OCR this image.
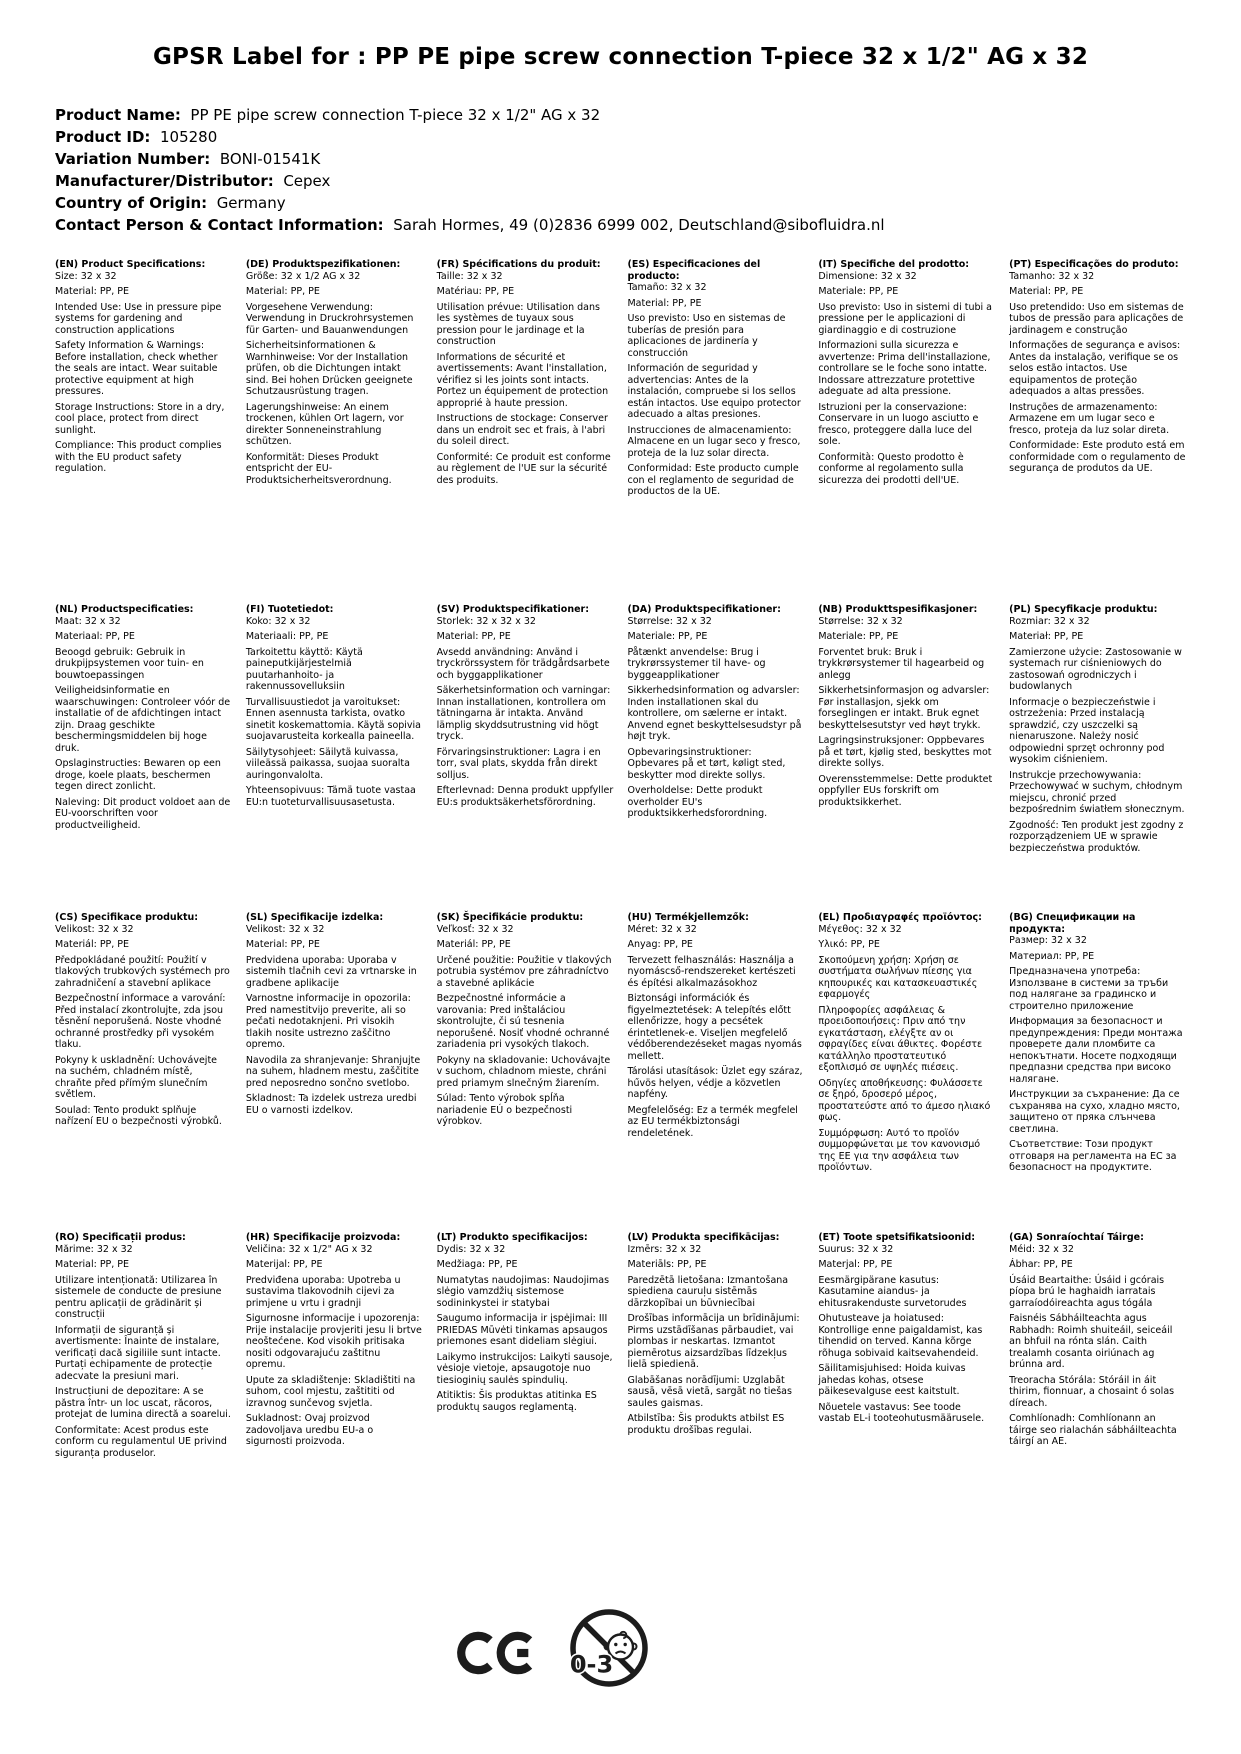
GPSR Label for : PP PE pipe screw connection T-piece 32 x 1/2" AG x 32
Product Name: PP PE pipe screw connection T-piece 32 x 1/2" AG x 32
Product ID: 105280
Variation Number: BONI-01541K
Manufacturer/Distributor: Cepex
Country of Origin: Germany
Contact Person & Contact Information: Sarah Hormes, 49 (0)2836 6999 002, Deutschland@sibofluidra.nl
(EN) Product Specifications:

Size: 32 x 32

Material: PP, PE

Intended Use: Use in pressure pipe systems for gardening and construction applications

Safety Information & Warnings: Before installation, check whether the seals are intact. Wear suitable protective equipment at high pressures.

Storage Instructions: Store in a dry, cool place, protect from direct sunlight.

Compliance: This product complies with the EU product safety regulation.

(DE) Produktspezifikationen:

Größe: 32 x 1/2 AG x 32

Material: PP, PE

Vorgesehene Verwendung: Verwendung in Druckrohrsystemen für Garten- und Bauanwendungen

Sicherheitsinformationen & Warnhinweise: Vor der Installation prüfen, ob die Dichtungen intakt sind. Bei hohen Drücken geeignete Schutzausrüstung tragen.

Lagerungshinweise: An einem trockenen, kühlen Ort lagern, vor direkter Sonneneinstrahlung schützen.

Konformität: Dieses Produkt entspricht der EU-Produktsicherheitsverordnung.

(FR) Spécifications du produit:

Taille: 32 x 32

Matériau: PP, PE

Utilisation prévue: Utilisation dans les systèmes de tuyaux sous pression pour le jardinage et la construction

Informations de sécurité et avertissements: Avant l'installation, vérifiez si les joints sont intacts. Portez un équipement de protection approprié à haute pression.

Instructions de stockage: Conserver dans un endroit sec et frais, à l'abri du soleil direct.

Conformité: Ce produit est conforme au règlement de l'UE sur la sécurité des produits.

(ES) Especificaciones del producto:

Tamaño: 32 x 32

Material: PP, PE

Uso previsto: Uso en sistemas de tuberías de presión para aplicaciones de jardinería y construcción

Información de seguridad y advertencias: Antes de la instalación, compruebe si los sellos están intactos. Use equipo protector adecuado a altas presiones.

Instrucciones de almacenamiento: Almacene en un lugar seco y fresco, proteja de la luz solar directa.

Conformidad: Este producto cumple con el reglamento de seguridad de productos de la UE.

(IT) Specifiche del prodotto:

Dimensione: 32 x 32

Materiale: PP, PE

Uso previsto: Uso in sistemi di tubi a pressione per le applicazioni di giardinaggio e di costruzione

Informazioni sulla sicurezza e avvertenze: Prima dell'installazione, controllare se le foche sono intatte. Indossare attrezzature protettive adeguate ad alta pressione.

Istruzioni per la conservazione: Conservare in un luogo asciutto e fresco, proteggere dalla luce del sole.

Conformità: Questo prodotto è conforme al regolamento sulla sicurezza dei prodotti dell'UE.

(PT) Especificações do produto:

Tamanho: 32 x 32

Material: PP, PE

Uso pretendido: Uso em sistemas de tubos de pressão para aplicações de jardinagem e construção

Informações de segurança e avisos: Antes da instalação, verifique se os selos estão intactos. Use equipamentos de proteção adequados a altas pressões.

Instruções de armazenamento: Armazene em um lugar seco e fresco, proteja da luz solar direta.

Conformidade: Este produto está em conformidade com o regulamento de segurança de produtos da UE.

(NL) Productspecificaties:

Maat: 32 x 32

Materiaal: PP, PE

Beoogd gebruik: Gebruik in drukpijpsystemen voor tuin- en bouwtoepassingen

Veiligheidsinformatie en waarschuwingen: Controleer vóór de installatie of de afdichtingen intact zijn. Draag geschikte beschermingsmiddelen bij hoge druk.

Opslaginstructies: Bewaren op een droge, koele plaats, beschermen tegen direct zonlicht.

Naleving: Dit product voldoet aan de EU-voorschriften voor productveiligheid.

(FI) Tuotetiedot:

Koko: 32 x 32

Materiaali: PP, PE

Tarkoitettu käyttö: Käytä paineputkijärjestelmiä puutarhanhoito- ja rakennussovelluksiin

Turvallisuustiedot ja varoitukset: Ennen asennusta tarkista, ovatko sinetit koskemattomia. Käytä sopivia suojavarusteita korkealla paineella.

Säilytysohjeet: Säilytä kuivassa, viileässä paikassa, suojaa suoralta auringonvalolta.

Yhteensopivuus: Tämä tuote vastaa EU:n tuoteturvallisuusasetusta.

(SV) Produktspecifikationer:

Storlek: 32 x 32 x 32

Material: PP, PE

Avsedd användning: Använd i tryckrörssystem för trädgårdsarbete och byggapplikationer

Säkerhetsinformation och varningar: Innan installationen, kontrollera om tätningarna är intakta. Använd lämplig skyddsutrustning vid högt tryck.

Förvaringsinstruktioner: Lagra i en torr, sval plats, skydda från direkt solljus.

Efterlevnad: Denna produkt uppfyller EU:s produktsäkerhetsförordning.

(DA) Produktspecifikationer:

Størrelse: 32 x 32

Materiale: PP, PE

Påtænkt anvendelse: Brug i trykrørssystemer til have- og byggeapplikationer

Sikkerhedsinformation og advarsler: Inden installationen skal du kontrollere, om sælerne er intakt. Anvend egnet beskyttelsesudstyr på højt tryk.

Opbevaringsinstruktioner: Opbevares på et tørt, køligt sted, beskytter mod direkte sollys.

Overholdelse: Dette produkt overholder EU's produktsikkerhedsforordning.

(NB) Produkttspesifikasjoner:

Størrelse: 32 x 32

Materiale: PP, PE

Forventet bruk: Bruk i trykkrørsystemer til hagearbeid og anlegg

Sikkerhetsinformasjon og advarsler: Før installasjon, sjekk om forseglingen er intakt. Bruk egnet beskyttelsesutstyr ved høyt trykk.

Lagringsinstruksjoner: Oppbevares på et tørt, kjølig sted, beskyttes mot direkte sollys.

Overensstemmelse: Dette produktet oppfyller EUs forskrift om produktsikkerhet.

(PL) Specyfikacje produktu:

Rozmiar: 32 x 32

Materiał: PP, PE

Zamierzone użycie: Zastosowanie w systemach rur ciśnieniowych do zastosowań ogrodniczych i budowlanych

Informacje o bezpieczeństwie i ostrzeżenia: Przed instalacją sprawdzić, czy uszczelki są nienaruszone. Należy nosić odpowiedni sprzęt ochronny pod wysokim ciśnieniem.

Instrukcje przechowywania: Przechowywać w suchym, chłodnym miejscu, chronić przed bezpośrednim światłem słonecznym.

Zgodność: Ten produkt jest zgodny z rozporządzeniem UE w sprawie bezpieczeństwa produktów.

(CS) Specifikace produktu:

Velikost: 32 x 32

Materiál: PP, PE

Předpokládané použití: Použití v tlakových trubkových systémech pro zahradničení a stavební aplikace

Bezpečnostní informace a varování: Před instalací zkontrolujte, zda jsou těsnění neporušená. Noste vhodné ochranné prostředky při vysokém tlaku.

Pokyny k uskladnění: Uchovávejte na suchém, chladném místě, chraňte před přímým slunečním světlem.

Soulad: Tento produkt splňuje nařízení EU o bezpečnosti výrobků.

(SL) Specifikacije izdelka:

Velikost: 32 x 32

Material: PP, PE

Predvidena uporaba: Uporaba v sistemih tlačnih cevi za vrtnarske in gradbene aplikacije

Varnostne informacije in opozorila: Pred namestitvijo preverite, ali so pečati nedotaknjeni. Pri visokih tlakih nosite ustrezno zaščitno opremo.

Navodila za shranjevanje: Shranjujte na suhem, hladnem mestu, zaščitite pred neposredno sončno svetlobo.

Skladnost: Ta izdelek ustreza uredbi EU o varnosti izdelkov.

(SK) Špecifikácie produktu:

Veľkosť: 32 x 32

Materiál: PP, PE

Určené použitie: Použitie v tlakových potrubia systémov pre záhradníctvo a stavebné aplikácie

Bezpečnostné informácie a varovania: Pred inštaláciou skontrolujte, či sú tesnenia neporušené. Nosiť vhodné ochranné zariadenia pri vysokých tlakoch.

Pokyny na skladovanie: Uchovávajte v suchom, chladnom mieste, chráni pred priamym slnečným žiarením.

Súlad: Tento výrobok spĺňa nariadenie EÚ o bezpečnosti výrobkov.

(HU) Termékjellemzők:

Méret: 32 x 32

Anyag: PP, PE

Tervezett felhasználás: Használja a nyomáscső-rendszereket kertészeti és építési alkalmazásokhoz

Biztonsági információk és figyelmeztetések: A telepítés előtt ellenőrizze, hogy a pecsétek érintetlenek-e. Viseljen megfelelő védőberendezéseket magas nyomás mellett.

Tárolási utasítások: Üzlet egy száraz, hűvös helyen, védje a közvetlen napfény.

Megfelelőség: Ez a termék megfelel az EU termékbiztonsági rendeletének.

(EL) Προδιαγραφές προϊόντος:

Μέγεθος: 32 x 32

Υλικό: PP, PE

Σκοπούμενη χρήση: Χρήση σε συστήματα σωλήνων πίεσης για κηπουρικές και κατασκευαστικές εφαρμογές

Πληροφορίες ασφάλειας & προειδοποιήσεις: Πριν από την εγκατάσταση, ελέγξτε αν οι σφραγίδες είναι άθικτες. Φορέστε κατάλληλο προστατευτικό εξοπλισμό σε υψηλές πιέσεις.

Οδηγίες αποθήκευσης: Φυλάσσετε σε ξηρό, δροσερό μέρος, προστατεύστε από το άμεσο ηλιακό φως.

Συμμόρφωση: Αυτό το προϊόν συμμορφώνεται με τον κανονισμό της ΕΕ για την ασφάλεια των προϊόντων.

(BG) Спецификации на продукта:

Размер: 32 x 32

Материал: PP, PE

Предназначена употреба: Използване в системи за тръби под налягане за градинско и строително приложение

Информация за безопасност и предупреждения: Преди монтажа проверете дали пломбите са непокътнати. Носете подходящи предпазни средства при високо налягане.

Инструкции за съхранение: Да се съхранява на сухо, хладно място, защитено от пряка слънчева светлина.

Съответствие: Този продукт отговаря на регламента на ЕС за безопасност на продуктите.

(RO) Specificații produs:

Mărime: 32 x 32

Material: PP, PE

Utilizare intenționată: Utilizarea în sistemele de conducte de presiune pentru aplicații de grădinărit și construcții

Informații de siguranță și avertismente: Înainte de instalare, verificați dacă sigiliile sunt intacte. Purtați echipamente de protecție adecvate la presiuni mari.

Instrucțiuni de depozitare: A se păstra într- un loc uscat, răcoros, protejat de lumina directă a soarelui.

Conformitate: Acest produs este conform cu regulamentul UE privind siguranța produselor.

(HR) Specifikacije proizvoda:

Veličina: 32 x 1/2" AG x 32

Materijal: PP, PE

Predviđena uporaba: Upotreba u sustavima tlakovodnih cijevi za primjene u vrtu i gradnji

Sigurnosne informacije i upozorenja: Prije instalacije provjeriti jesu li brtve neoštećene. Kod visokih pritisaka nositi odgovarajuću zaštitnu opremu.

Upute za skladištenje: Skladištiti na suhom, cool mjestu, zaštititi od izravnog sunčevog svjetla.

Sukladnost: Ovaj proizvod zadovoljava uredbu EU-a o sigurnosti proizvoda.

(LT) Produkto specifikacijos:

Dydis: 32 x 32

Medžiaga: PP, PE

Numatytas naudojimas: Naudojimas slėgio vamzdžių sistemose sodininkystei ir statybai

Saugumo informacija ir įspėjimai: III PRIEDAS Mūvėti tinkamas apsaugos priemones esant dideliam slėgiui.

Laikymo instrukcijos: Laikyti sausoje, vėsioje vietoje, apsaugotoje nuo tiesioginių saulės spindulių.

Atitiktis: Šis produktas atitinka ES produktų saugos reglamentą.

(LV) Produkta specifikācijas:

Izmērs: 32 x 32

Materiāls: PP, PE

Paredzētā lietošana: Izmantošana spiediena cauruļu sistēmās dārzkopībai un būvniecībai

Drošības informācija un brīdinājumi: Pirms uzstādīšanas pārbaudiet, vai plombas ir neskartas. Izmantot piemērotus aizsardzības līdzekļus lielā spiedienā.

Glabāšanas norādījumi: Uzglabāt sausā, vēsā vietā, sargāt no tiešas saules gaismas.

Atbilstība: Šis produkts atbilst ES produktu drošības regulai.

(ET) Toote spetsifikatsioonid:

Suurus: 32 x 32

Materjal: PP, PE

Eesmärgipärane kasutus: Kasutamine aiandus- ja ehitusrakenduste survetorudes

Ohutusteave ja hoiatused: Kontrollige enne paigaldamist, kas tihendid on terved. Kanna kõrge rõhuga sobivaid kaitsevahendeid.

Säilitamisjuhised: Hoida kuivas jahedas kohas, otsese päikesevalguse eest kaitstult.

Nõuetele vastavus: See toode vastab EL-i tooteohutusmäärusele.

(GA) Sonraíochtaí Táirge:

Méid: 32 x 32

Ábhar: PP, PE

Úsáid Beartaithe: Úsáid i gcórais píopa brú le haghaidh iarratais garraíodóireachta agus tógála

Faisnéis Sábháilteachta agus Rabhadh: Roimh shuiteáil, seiceáil an bhfuil na rónta slán. Caith trealamh cosanta oiriúnach ag brúnna ard.

Treoracha Stórála: Stóráil in áit thirim, fionnuar, a chosaint ó solas díreach.

Comhlíonadh: Comhlíonann an táirge seo rialachán sábháilteachta táirgí an AE.

0-3
